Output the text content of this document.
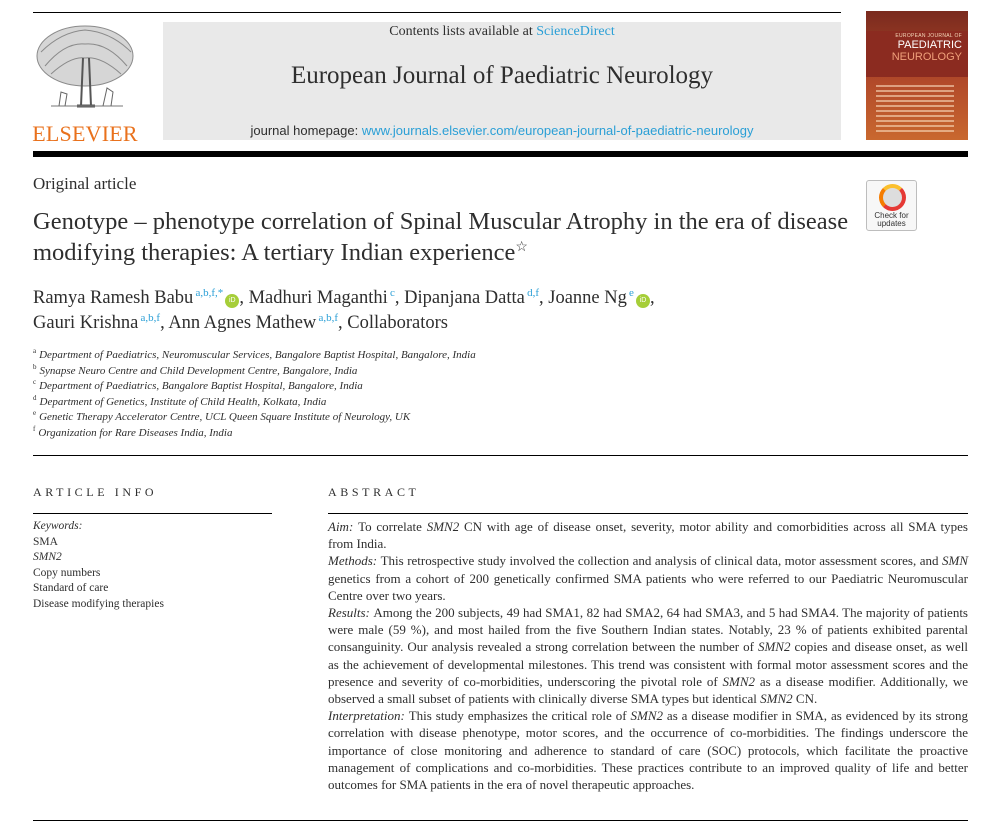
ELSEVIER
Contents lists available at ScienceDirect
European Journal of Paediatric Neurology
journal homepage: www.journals.elsevier.com/european-journal-of-paediatric-neurology
EUROPEAN JOURNAL OF
PAEDIATRIC
NEUROLOGY
Original article
Check for updates
Genotype – phenotype correlation of Spinal Muscular Atrophy in the era of disease modifying therapies: A tertiary Indian experience☆
Ramya Ramesh Babu $^{a,b,f,*}$iD , Madhuri Maganthi $^c$, Dipanjana Datta $^{d,f}$, Joanne Ng $^e$iD ,
Gauri Krishna $^{a,b,f}$, Ann Agnes Mathew $^{a,b,f}$, Collaborators
$^a$ Department of Paediatrics, Neuromuscular Services, Bangalore Baptist Hospital, Bangalore, India
$^b$ Synapse Neuro Centre and Child Development Centre, Bangalore, India
$^c$ Department of Paediatrics, Bangalore Baptist Hospital, Bangalore, India
$^d$ Department of Genetics, Institute of Child Health, Kolkata, India
$^e$ Genetic Therapy Accelerator Centre, UCL Queen Square Institute of Neurology, UK
$^f$ Organization for Rare Diseases India, India
ARTICLE INFO
Keywords:
SMA
SMN2
Copy numbers
Standard of care
Disease modifying therapies
ABSTRACT

Aim: To correlate SMN2 CN with age of disease onset, severity, motor ability and comorbidities across all SMA types from India.

Methods: This retrospective study involved the collection and analysis of clinical data, motor assessment scores, and SMN genetics from a cohort of 200 genetically confirmed SMA patients who were referred to our Paediatric Neuromuscular Centre over two years.

Results: Among the 200 subjects, 49 had SMA1, 82 had SMA2, 64 had SMA3, and 5 had SMA4. The majority of patients were male (59 %), and most hailed from the five Southern Indian states. Notably, 23 % of patients exhibited parental consanguinity. Our analysis revealed a strong correlation between the number of SMN2 copies and disease onset, as well as the achievement of developmental milestones. This trend was consistent with formal motor assessment scores and the presence and severity of co-morbidities, underscoring the pivotal role of SMN2 as a disease modifier. Additionally, we observed a small subset of patients with clinically diverse SMA types but identical SMN2 CN.

Interpretation: This study emphasizes the critical role of SMN2 as a disease modifier in SMA, as evidenced by its strong correlation with disease phenotype, motor scores, and the occurrence of co-morbidities. The findings underscore the importance of close monitoring and adherence to standard of care (SOC) protocols, which facilitate the proactive management of complications and co-morbidities. These practices contribute to an improved quality of life and better outcomes for SMA patients in the era of novel therapeutic approaches.
